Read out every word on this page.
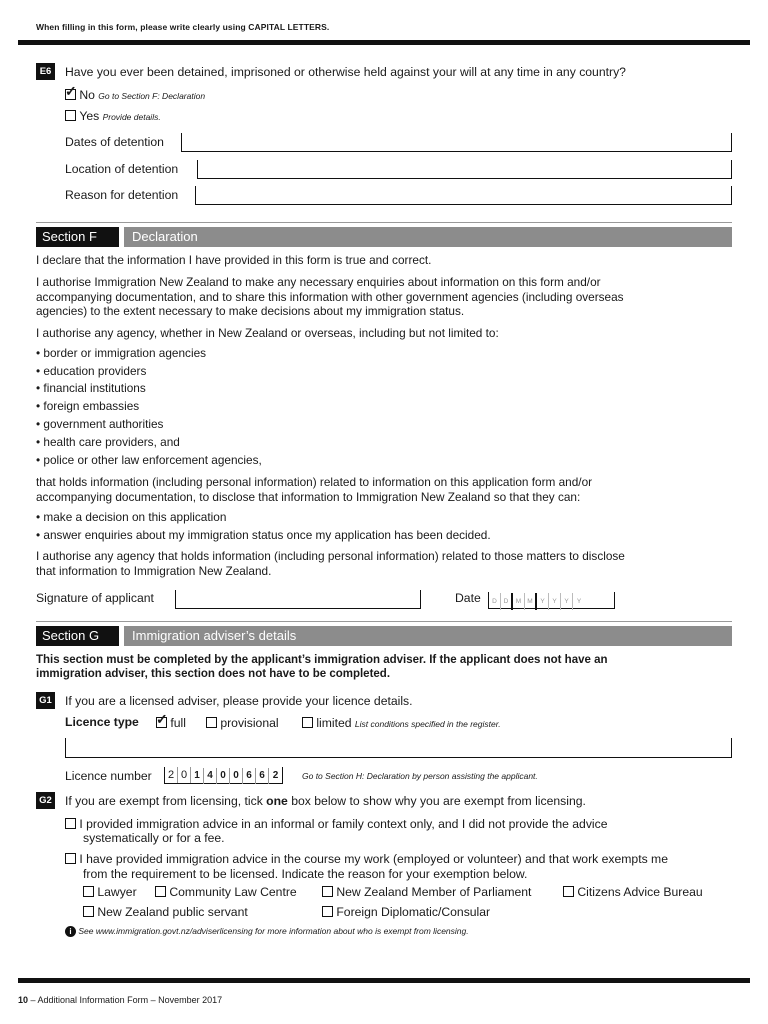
When filling in this form, please write clearly using CAPITAL LETTERS.
E6	Have you ever been detained, imprisoned or otherwise held against your will at any time in any country?
✓ No Go to Section F: Declaration
Yes Provide details.
Dates of detention
Location of detention
Reason for detention
Section F	Declaration
I declare that the information I have provided in this form is true and correct.
I authorise Immigration New Zealand to make any necessary enquiries about information on this form and/or
accompanying documentation, and to share this information with other government agencies (including overseas
agencies) to the extent necessary to make decisions about my immigration status.
I authorise any agency, whether in New Zealand or overseas, including but not limited to:
• border or immigration agencies
• education providers
• financial institutions
• foreign embassies
• government authorities
• health care providers, and
• police or other law enforcement agencies,
that holds information (including personal information) related to information on this application form and/or
accompanying documentation, to disclose that information to Immigration New Zealand so that they can:
• make a decision on this application
• answer enquiries about my immigration status once my application has been decided.
I authorise any agency that holds information (including personal information) related to those matters to disclose
that information to Immigration New Zealand.
Signature of applicant	Date	D D M M Y Y Y Y
Section G	Immigration adviser’s details
This section must be completed by the applicant’s immigration adviser. If the applicant does not have an
immigration adviser, this section does not have to be completed.
G1 If you are a licensed adviser, please provide your licence details.
Licence type ✓ full	provisional	limited List conditions specified in the register.
Licence number	2 0 1 4 0 0 6 6 2	Go to Section H: Declaration by person assisting the applicant.
G2 If you are exempt from licensing, tick one box below to show why you are exempt from licensing.
I provided immigration advice in an informal or family context only, and I did not provide the advice
systematically or for a fee.
I have provided immigration advice in the course my work (employed or volunteer) and that work exempts me
from the requirement to be licensed. Indicate the reason for your exemption below.
Lawyer	Community Law Centre	New Zealand Member of Parliament	Citizens Advice Bureau
New Zealand public servant	Foreign Diplomatic/Consular
i See www.immigration.govt.nz/adviserlicensing for more information about who is exempt from licensing.
10 – Additional Information Form – November 2017
